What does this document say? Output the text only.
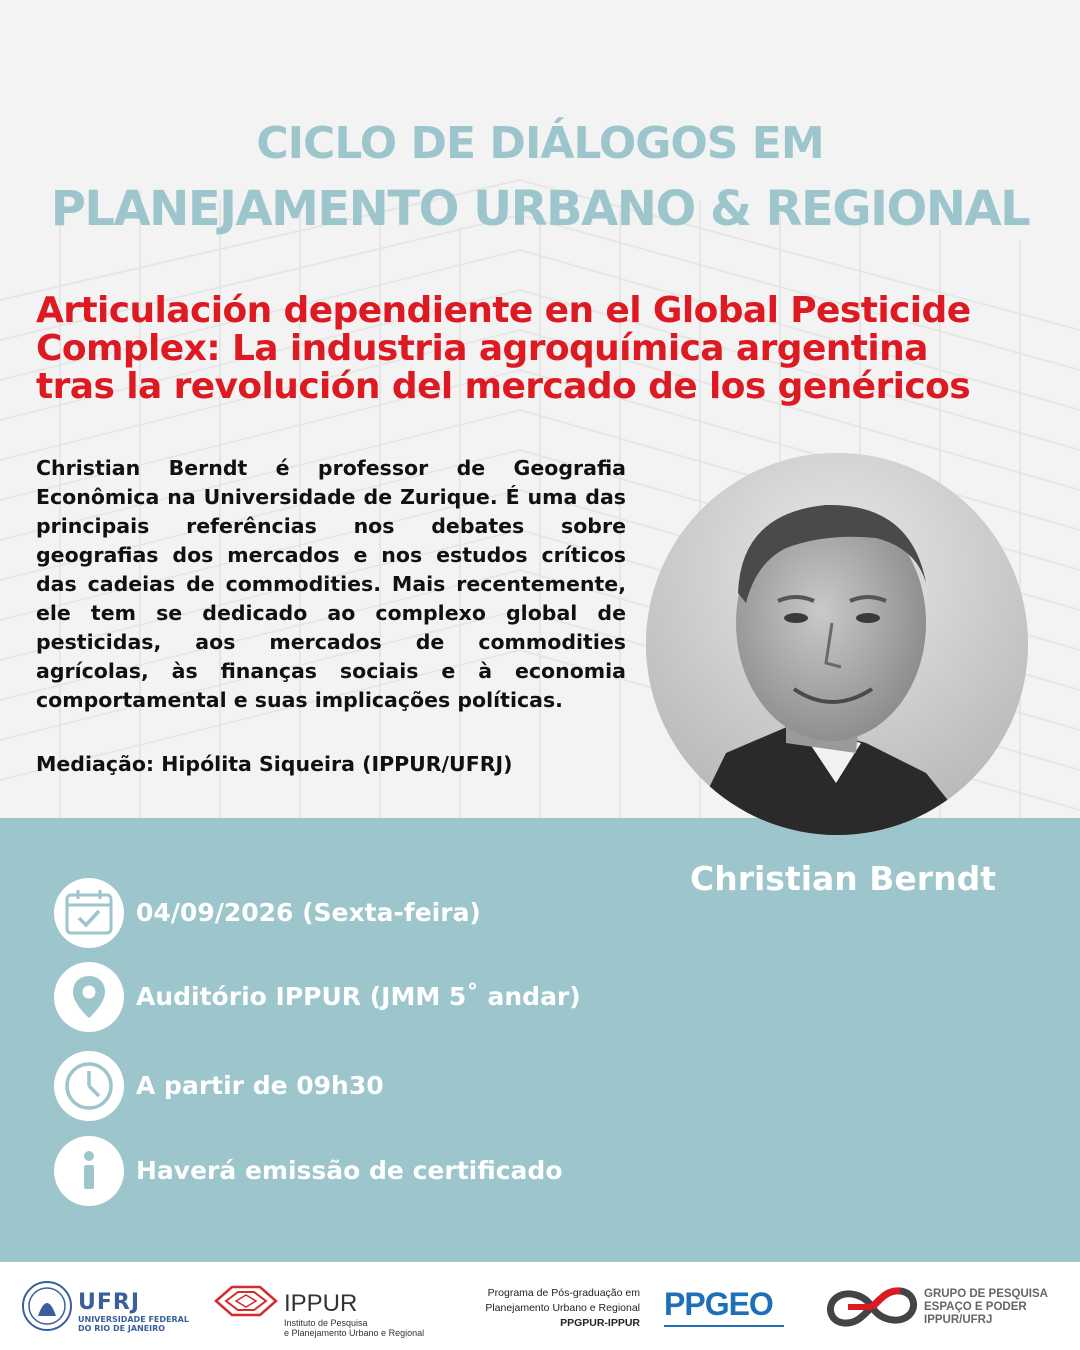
CICLO DE DIÁLOGOS EM
PLANEJAMENTO URBANO & REGIONAL
Articulación dependiente en el Global Pesticide
Complex: La industria agroquímica argentina
tras la revolución del mercado de los genéricos
Christian Berndt é professor de Geografia Econômica na Universidade de Zurique. É uma das principais referências nos debates sobre geografias dos mercados e nos estudos críticos das cadeias de commodities. Mais recentemente, ele tem se dedicado ao complexo global de pesticidas, aos mercados de commodities agrícolas, às finanças sociais e à economia comportamental e suas implicações políticas.
Mediação: Hipólita Siqueira (IPPUR/UFRJ)
Christian Berndt
04/09/2026 (Sexta-feira)
Auditório IPPUR (JMM 5˚ andar)
A partir de 09h30
Haverá emissão de certificado
UFRJ
UNIVERSIDADE FEDERAL
DO RIO DE JANEIRO
IPPUR
Instituto de Pesquisa
e Planejamento Urbano e Regional
Programa de Pós-graduação em
Planejamento Urbano e Regional
PPGPUR-IPPUR
PPGEO	GRUPO DE PESQUISA
ESPAÇO E PODER
IPPUR/UFRJ
